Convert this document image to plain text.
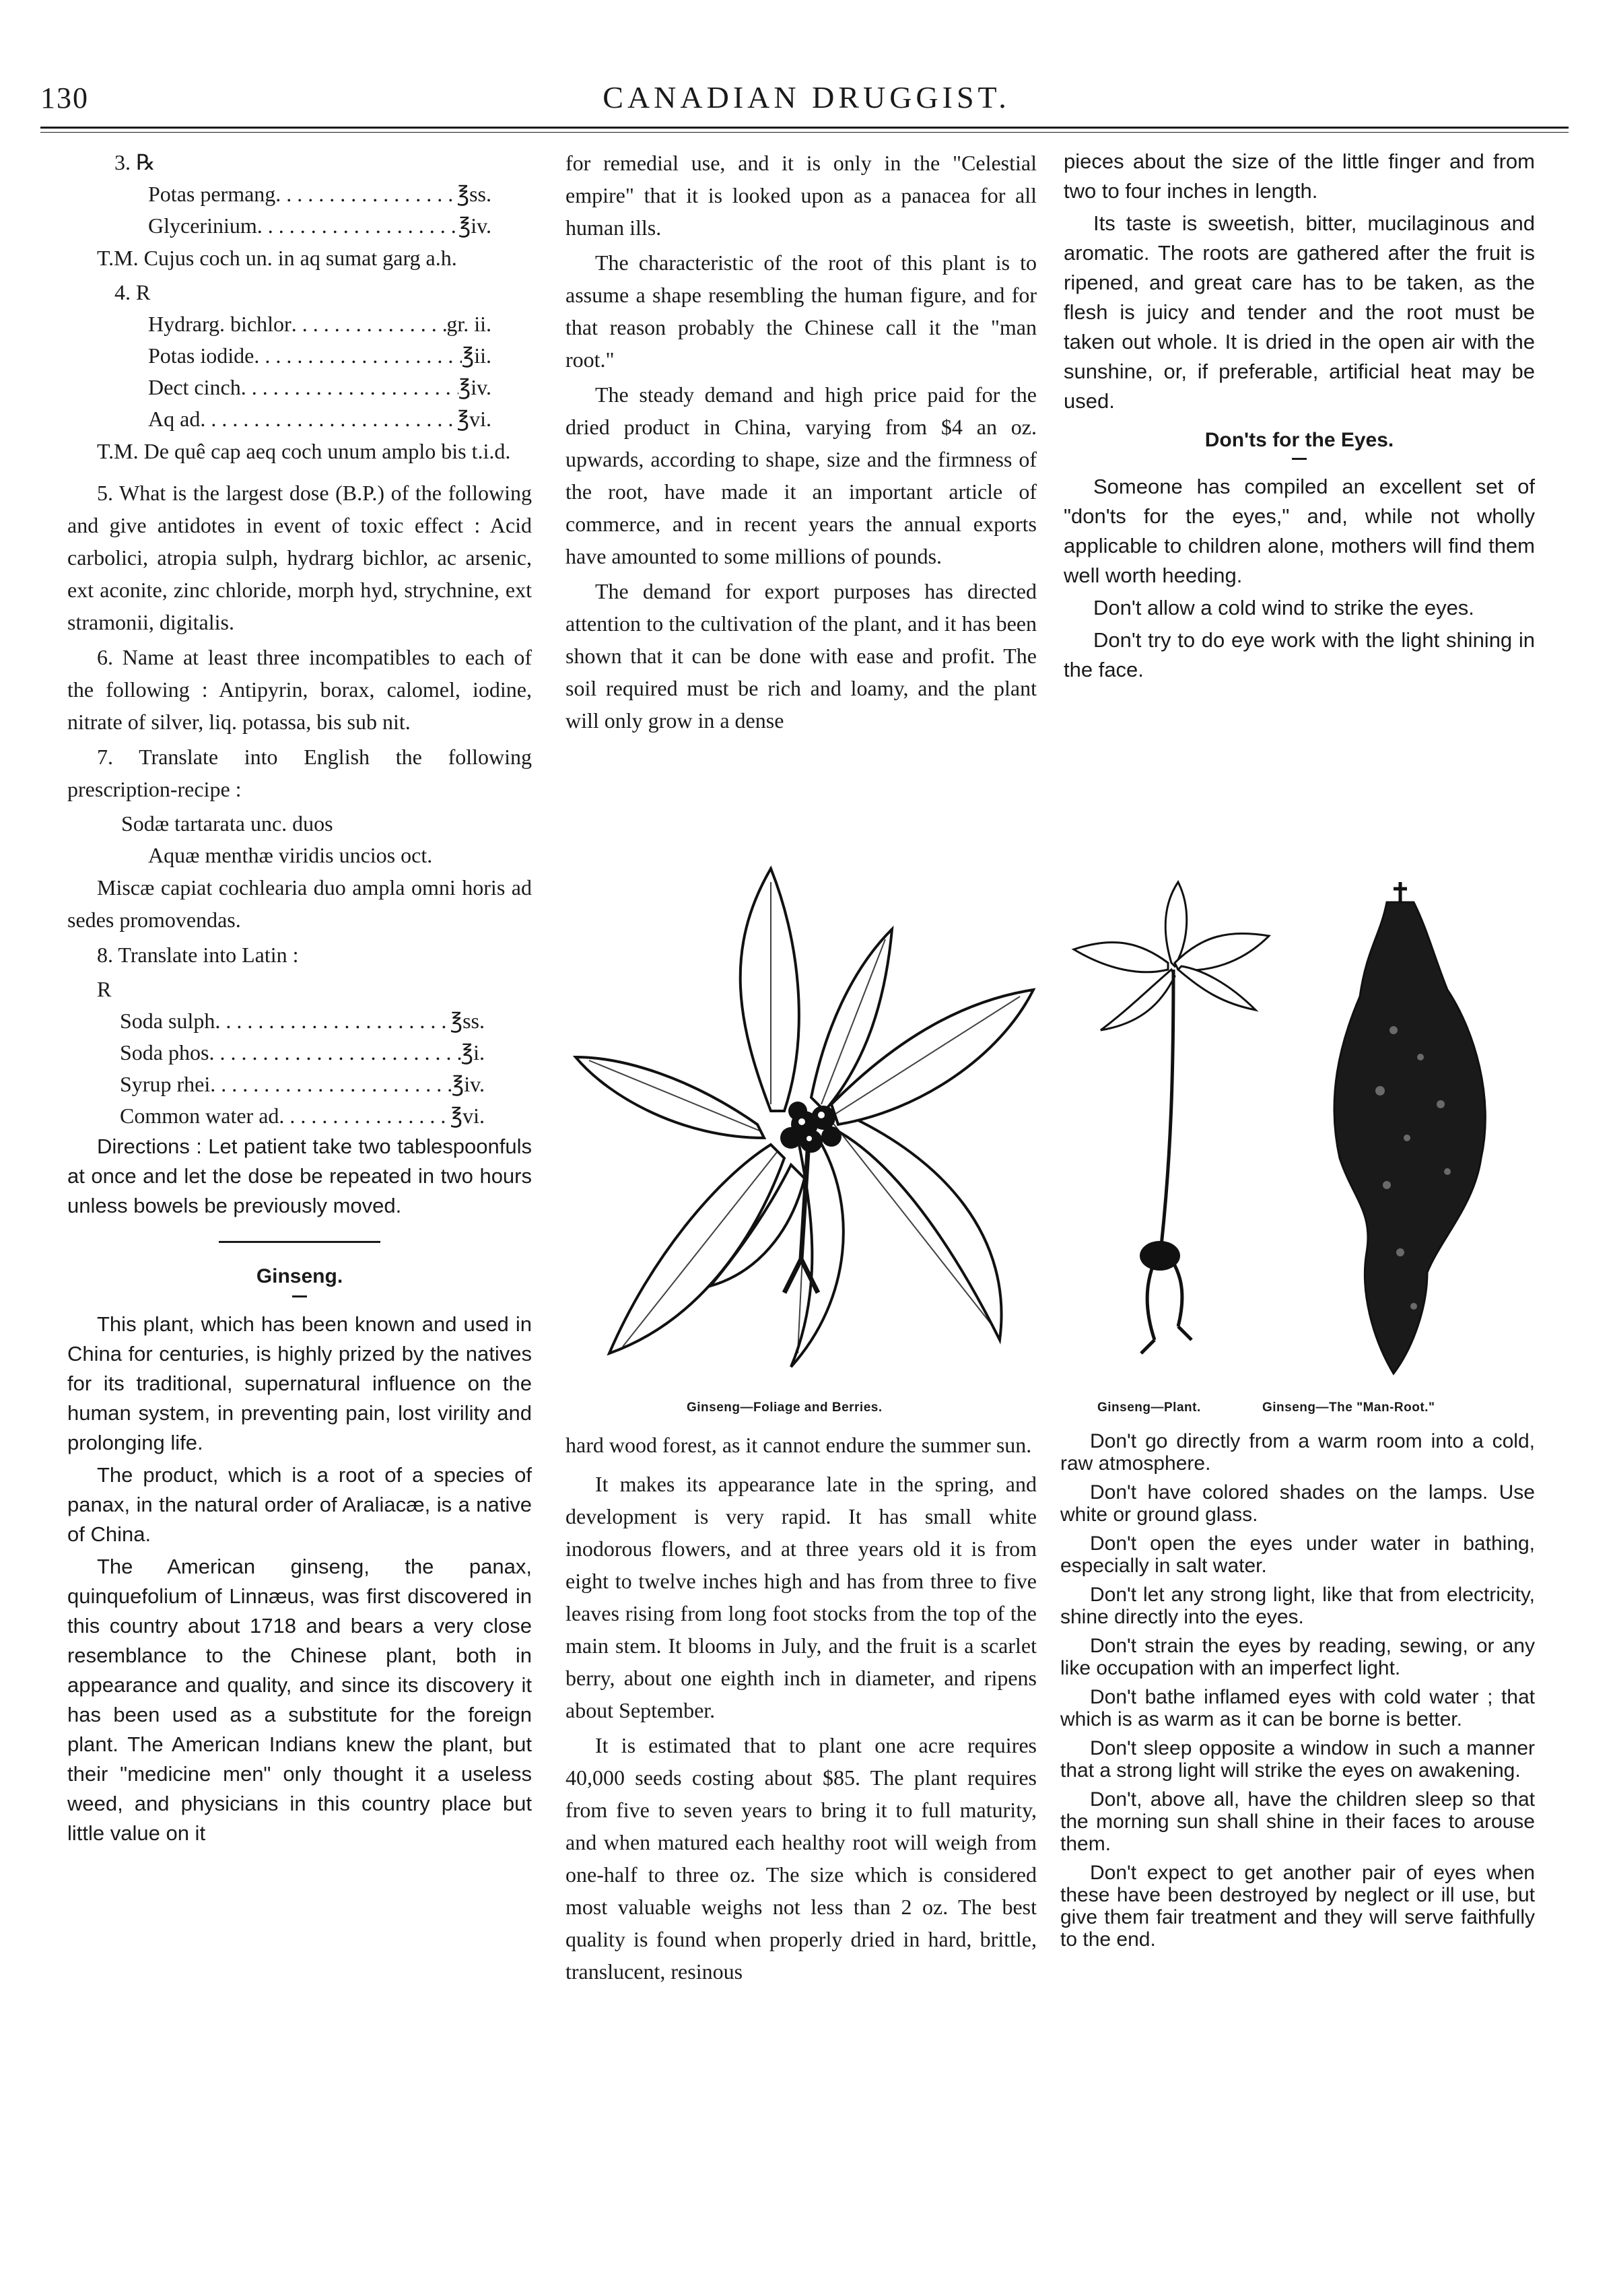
130	CANADIAN DRUGGIST.
3. ℞
Potas permang . . .	℥ss.
Glycerinium . . .	℥iv.

T.M. Cujus coch un. in aq sumat garg a.h.

4. R
Hydrarg. bichlor . . .	gr. ii.
Potas iodide . . .	℥ii.
Dect cinch . . .	℥iv.
Aq ad . . .	℥vi.

T.M. De quê cap aeq coch unum amplo bis t.i.d.

5. What is the largest dose (B.P.) of the following and give antidotes in event of toxic effect : Acid carbolici, atropia sulph, hydrarg bichlor, ac arsenic, ext aconite, zinc chloride, morph hyd, strychnine, ext stramonii, digitalis.

6. Name at least three incompatibles to each of the following : Antipyrin, borax, calomel, iodine, nitrate of silver, liq. potassa, bis sub nit.

7. Translate into English the following prescription-recipe :

Sodæ tartarata unc. duos
Aquæ menthæ viridis uncios oct.

Miscæ capiat cochlearia duo ampla omni horis ad sedes promovendas.

8. Translate into Latin :

R
Soda sulph . . .	℥ss.
Soda phos . . .	℥i.
Syrup rhei . . .	℥iv.
Common water ad . . .	℥vi.

Directions : Let patient take two tablespoonfuls at once and let the dose be repeated in two hours unless bowels be previously moved.

Ginseng.

This plant, which has been known and used in China for centuries, is highly prized by the natives for its traditional, supernatural influence on the human system, in preventing pain, lost virility and prolonging life.

The product, which is a root of a species of panax, in the natural order of Araliacæ, is a native of China.

The American ginseng, the panax, quinquefolium of Linnæus, was first discovered in this country about 1718 and bears a very close resemblance to the Chinese plant, both in appearance and quality, and since its discovery it has been used as a substitute for the foreign plant. The American Indians knew the plant, but their "medicine men" only thought it a useless weed, and physicians in this country place but little value on it

for remedial use, and it is only in the "Celestial empire" that it is looked upon as a panacea for all human ills.

The characteristic of the root of this plant is to assume a shape resembling the human figure, and for that reason probably the Chinese call it the "man root."

The steady demand and high price paid for the dried product in China, varying from $4 an oz. upwards, according to shape, size and the firmness of the root, have made it an important article of commerce, and in recent years the annual exports have amounted to some millions of pounds.

The demand for export purposes has directed attention to the cultivation of the plant, and it has been shown that it can be done with ease and profit. The soil required must be rich and loamy, and the plant will only grow in a dense

pieces about the size of the little finger and from two to four inches in length.

Its taste is sweetish, bitter, mucilaginous and aromatic. The roots are gathered after the fruit is ripened, and great care has to be taken, as the flesh is juicy and tender and the root must be taken out whole. It is dried in the open air with the sunshine, or, if preferable, artificial heat may be used.

Don'ts for the Eyes.

Someone has compiled an excellent set of "don'ts for the eyes," and, while not wholly applicable to children alone, mothers will find them well worth heeding.

Don't allow a cold wind to strike the eyes.

Don't try to do eye work with the light shining in the face.

Ginseng—Foliage and Berries.	Ginseng—Plant.	Ginseng—The "Man-Root."

hard wood forest, as it cannot endure the summer sun.

It makes its appearance late in the spring, and development is very rapid. It has small white inodorous flowers, and at three years old it is from eight to twelve inches high and has from three to five leaves rising from long foot stocks from the top of the main stem. It blooms in July, and the fruit is a scarlet berry, about one eighth inch in diameter, and ripens about September.

It is estimated that to plant one acre requires 40,000 seeds costing about $85. The plant requires from five to seven years to bring it to full maturity, and when matured each healthy root will weigh from one-half to three oz. The size which is considered most valuable weighs not less than 2 oz. The best quality is found when properly dried in hard, brittle, translucent, resinous

Don't go directly from a warm room into a cold, raw atmosphere.

Don't have colored shades on the lamps. Use white or ground glass.

Don't open the eyes under water in bathing, especially in salt water.

Don't let any strong light, like that from electricity, shine directly into the eyes.

Don't strain the eyes by reading, sewing, or any like occupation with an imperfect light.

Don't bathe inflamed eyes with cold water ; that which is as warm as it can be borne is better.

Don't sleep opposite a window in such a manner that a strong light will strike the eyes on awakening.

Don't, above all, have the children sleep so that the morning sun shall shine in their faces to arouse them.

Don't expect to get another pair of eyes when these have been destroyed by neglect or ill use, but give them fair treatment and they will serve faithfully to the end.
